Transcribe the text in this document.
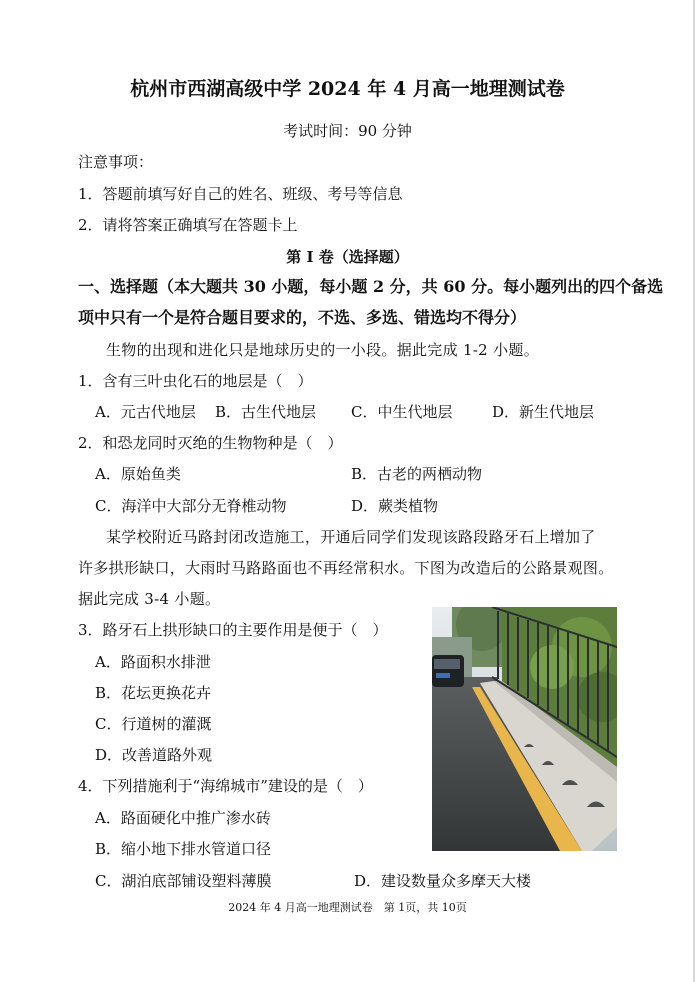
杭州市西湖高级中学 2024 年 4 月高一地理测试卷
考试时间：90 分钟
注意事项：
1．答题前填写好自己的姓名、班级、考号等信息
2．请将答案正确填写在答题卡上
第 I 卷（选择题）
一、选择题（本大题共 30 小题，每小题 2 分，共 60 分。每小题列出的四个备选
项中只有一个是符合题目要求的，不选、多选、错选均不得分）
生物的出现和进化只是地球历史的一小段。据此完成 1-2 小题。
1．含有三叶虫化石的地层是（　）
A．元古代地层 B．古生代地层 C．中生代地层	D．新生代地层
2．和恐龙同时灭绝的生物物种是（　）
A．原始鱼类	B．古老的两栖动物
C．海洋中大部分无脊椎动物	D．蕨类植物
某学校附近马路封闭改造施工，开通后同学们发现该路段路牙石上增加了
许多拱形缺口，大雨时马路路面也不再经常积水。下图为改造后的公路景观图。
据此完成 3-4 小题。
3．路牙石上拱形缺口的主要作用是便于（　）
A．路面积水排泄
B．花坛更换花卉
C．行道树的灌溉
D．改善道路外观
4．下列措施利于“海绵城市”建设的是（　）
A．路面硬化中推广渗水砖
B．缩小地下排水管道口径
C．湖泊底部铺设塑料薄膜	D．建设数量众多摩天大楼
2024 年 4 月高一地理测试卷　第 1页，共 10页
